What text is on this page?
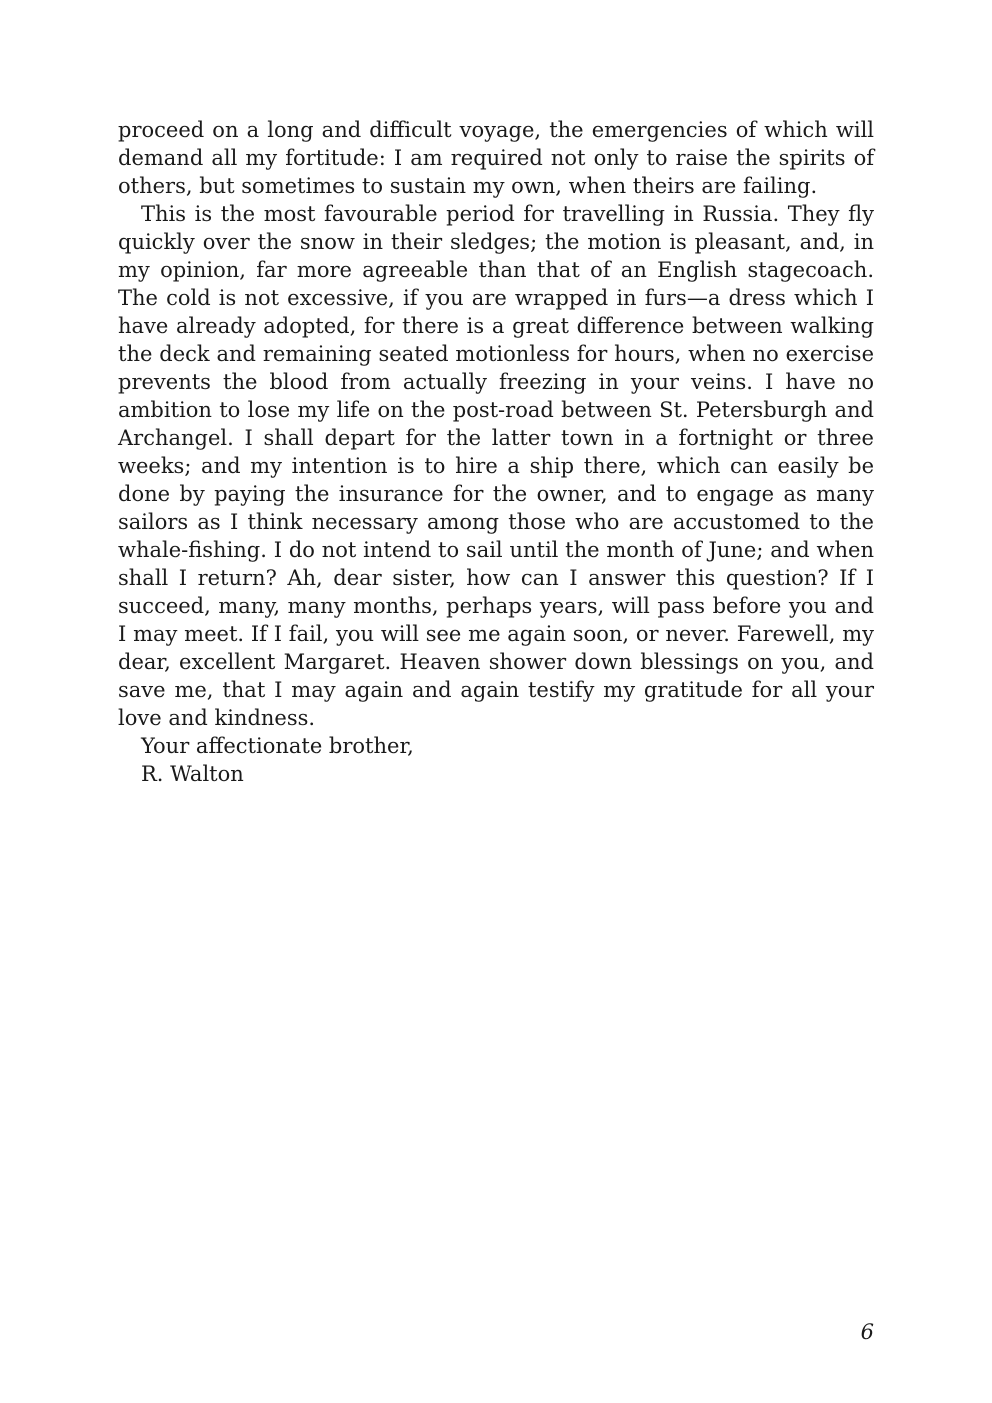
proceed on a long and difficult voyage, the emergencies of which will demand all my fortitude: I am required not only to raise the spirits of others, but sometimes to sustain my own, when theirs are failing.

This is the most favourable period for travelling in Russia. They fly quickly over the snow in their sledges; the motion is pleasant, and, in my opinion, far more agreeable than that of an English stagecoach. The cold is not excessive, if you are wrapped in furs—a dress which I have already adopted, for there is a great difference between walking the deck and remaining seated motionless for hours, when no exercise prevents the blood from actually freezing in your veins. I have no ambition to lose my life on the post-road between St. Petersburgh and Archangel. I shall depart for the latter town in a fortnight or three weeks; and my intention is to hire a ship there, which can easily be done by paying the insurance for the owner, and to engage as many sailors as I think necessary among those who are accustomed to the whale-fishing. I do not intend to sail until the month of June; and when shall I return? Ah, dear sister, how can I answer this question? If I succeed, many, many months, perhaps years, will pass before you and I may meet. If I fail, you will see me again soon, or never. Farewell, my dear, excellent Margaret. Heaven shower down blessings on you, and save me, that I may again and again testify my gratitude for all your love and kindness.

Your affectionate brother,

R. Walton

6
